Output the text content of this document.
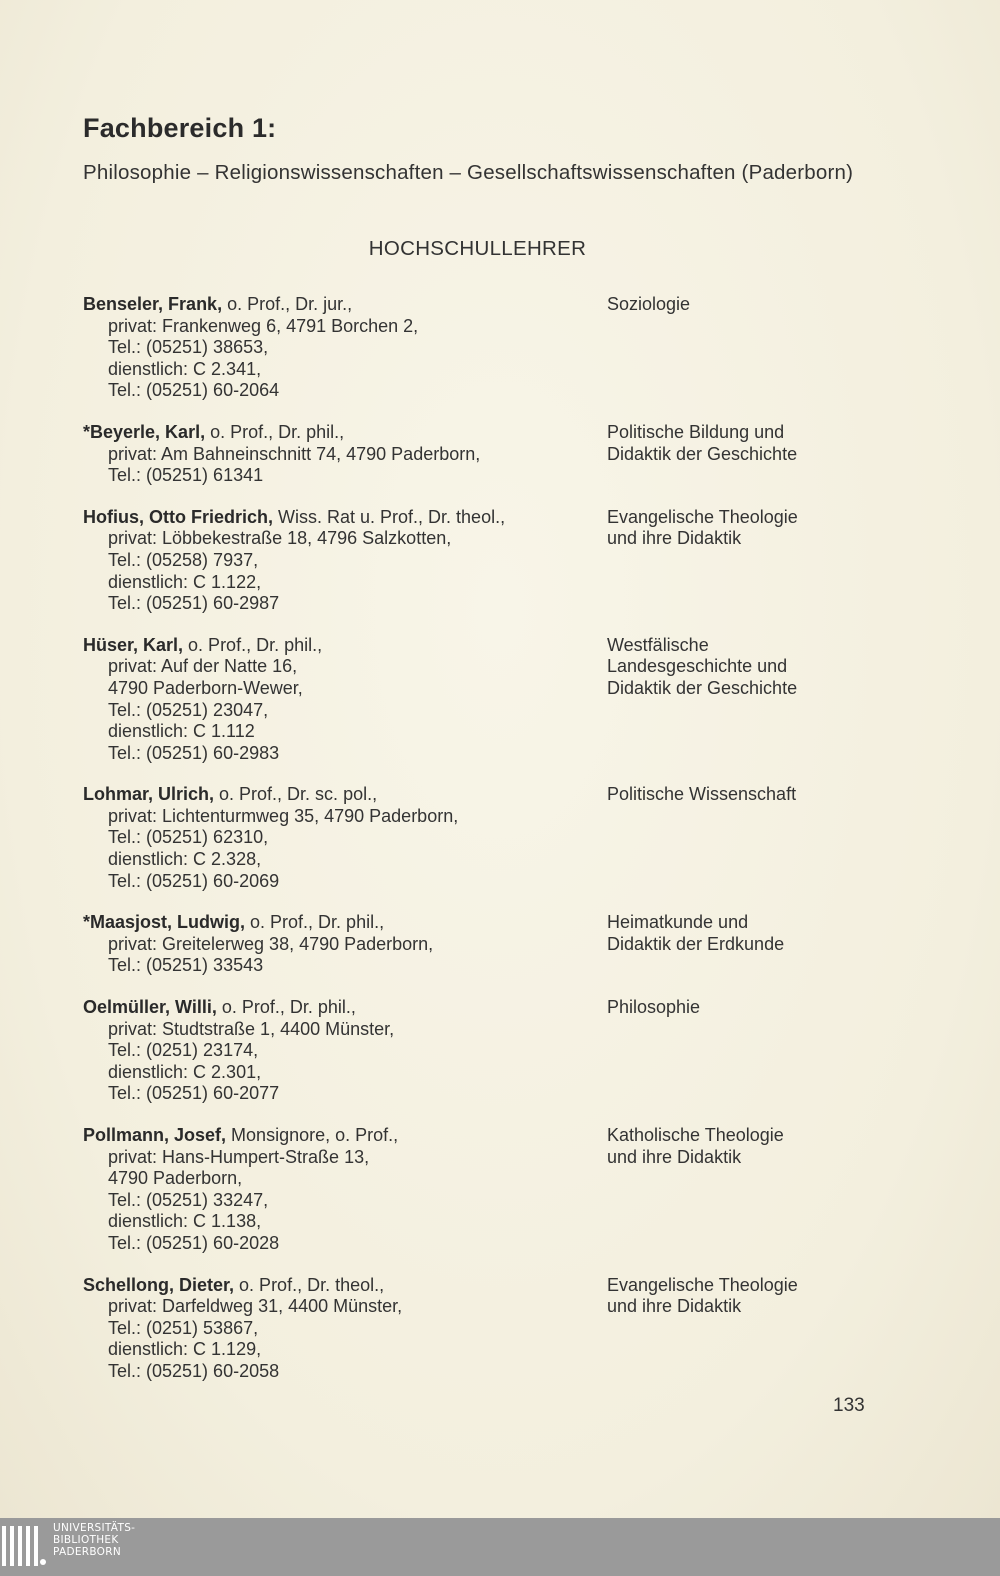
Fachbereich 1:
Philosophie – Religionswissenschaften – Gesellschaftswissenschaften (Paderborn)
HOCHSCHULLEHRER
Benseler, Frank, o. Prof., Dr. jur.,
privat: Frankenweg 6, 4791 Borchen 2,
Tel.: (05251) 38653,
dienstlich: C 2.341,
Tel.: (05251) 60-2064
Soziologie
*Beyerle, Karl, o. Prof., Dr. phil.,
privat: Am Bahneinschnitt 74, 4790 Paderborn,
Tel.: (05251) 61341
Politische Bildung und
Didaktik der Geschichte
Hofius, Otto Friedrich, Wiss. Rat u. Prof., Dr. theol.,
privat: Löbbekestraße 18, 4796 Salzkotten,
Tel.: (05258) 7937,
dienstlich: C 1.122,
Tel.: (05251) 60-2987
Evangelische Theologie
und ihre Didaktik
Hüser, Karl, o. Prof., Dr. phil.,
privat: Auf der Natte 16,
4790 Paderborn-Wewer,
Tel.: (05251) 23047,
dienstlich: C 1.112
Tel.: (05251) 60-2983
Westfälische
Landesgeschichte und
Didaktik der Geschichte
Lohmar, Ulrich, o. Prof., Dr. sc. pol.,
privat: Lichtenturmweg 35, 4790 Paderborn,
Tel.: (05251) 62310,
dienstlich: C 2.328,
Tel.: (05251) 60-2069
Politische Wissenschaft
*Maasjost, Ludwig, o. Prof., Dr. phil.,
privat: Greitelerweg 38, 4790 Paderborn,
Tel.: (05251) 33543
Heimatkunde und
Didaktik der Erdkunde
Oelmüller, Willi, o. Prof., Dr. phil.,
privat: Studtstraße 1, 4400 Münster,
Tel.: (0251) 23174,
dienstlich: C 2.301,
Tel.: (05251) 60-2077
Philosophie
Pollmann, Josef, Monsignore, o. Prof.,
privat: Hans-Humpert-Straße 13,
4790 Paderborn,
Tel.: (05251) 33247,
dienstlich: C 1.138,
Tel.: (05251) 60-2028
Katholische Theologie
und ihre Didaktik
Schellong, Dieter, o. Prof., Dr. theol.,
privat: Darfeldweg 31, 4400 Münster,
Tel.: (0251) 53867,
dienstlich: C 1.129,
Tel.: (05251) 60-2058
Evangelische Theologie
und ihre Didaktik
133
UNIVERSITÄTS-
BIBLIOTHEK
PADERBORN
